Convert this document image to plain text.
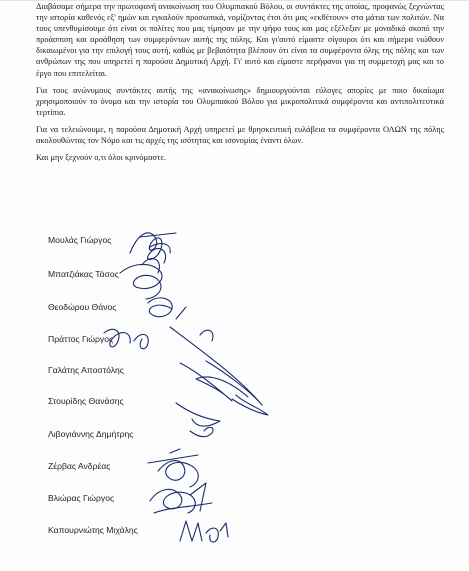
Διαβάσαμε σήμερα την πρωτοφανή ανακοίνωση του Ολυμπιακού Βόλου, οι συντάκτες της οποίας, προφανώς ξεχνώντας την ιστορία καθενός εξ' ημών και εγκαλούν προσωπικά, νομίζοντας έτσι ότι μας «εκθέτουν» στα μάτια των πολιτών. Να τους υπενθυμίσουμε ότι είναι οι πολίτες που μας τίμησαν με την ψήφο τους και μας εξέλεξαν με μοναδικό σκοπό την προάσπιση και αροάθηση των συμφερόντων αυτής της πόλης. Και γι'αυτό είμαστε σίγουροι ότι και σήμερα νιώθουν δικαιωμένοι για την επιλογή τους αυτή, καθώς με βεβαιότητα βλέπουν ότι είναι τα συμφέροντα όλης της πόλης και των ανθρώπων της που υπηρετεί η παρούσα Δημοτική Αρχή. Γι' αυτό και είμαστε περήφανοι για τη συμμετοχή μας και το έργο που επιτελείται.

Για τους ανώνυμους συντάκτες αυτής της «ανακοίνωσης» δημιουργούνται εύλογες απορίες με ποιο δικαίωμα χρησιμοποιούν το όνομα και την ιστορία του Ολυμπιακού Βόλου για μικροπολιτικά συμφέροντα και αντιπολιτευτικά τερτίπια.

Για να τελειώνουμε, η παρούσα Δημοτική Αρχή υπηρετεί με θρησκευτική ευλάβεια τα συμφέροντα ΟΛΩΝ της πόλης ακολουθώντας τον Νόμο και τις αρχές της ισότητας και ισονομίας έναντι όλων.

Και μην ξεχνούν ο,τι όλοι κρινόμαστε.

Μουλάς Γιώργος
Μπατζιάκας Τάσος
Θεοδώρου Θάνος
Πράττος Γιώργος
Γαλάτης Αποστόλης
Στουρίδης Θανάσης
Λιβογιάννης Δημήτρης
Ζέρβας Ανδρέας
Βλιώρας Γιώργος
Καπουρνιώτης Μιχάλης
